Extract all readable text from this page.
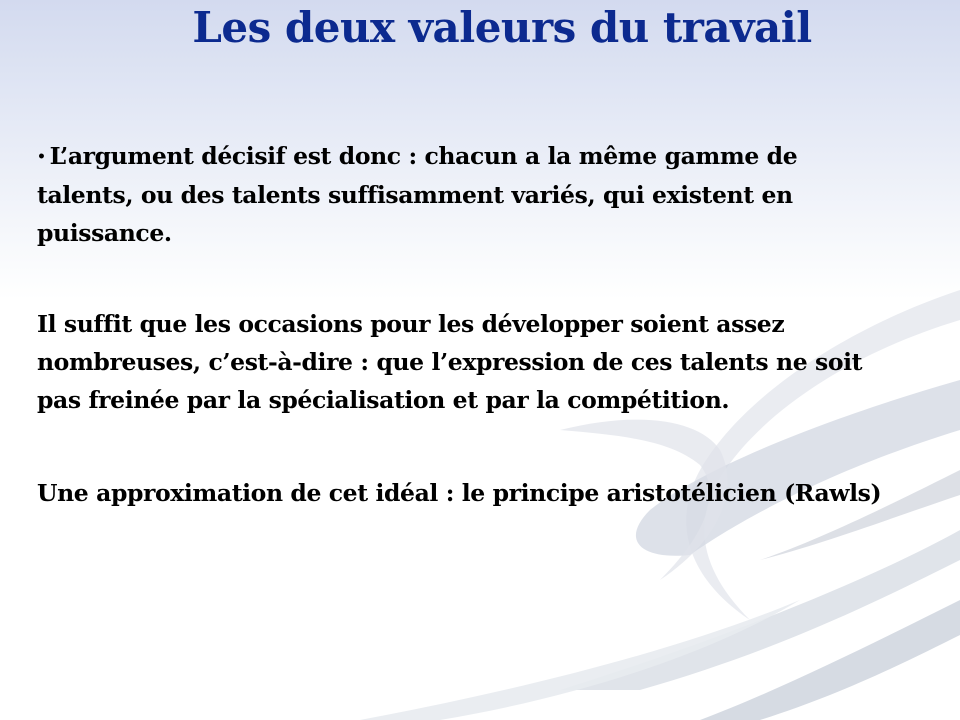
Les deux valeurs du travail

• L’argument décisif est donc : chacun a la même gamme de
talents, ou des talents suffisamment variés, qui existent en
puissance.

Il suffit que les occasions pour les développer soient assez
nombreuses, c’est-à-dire : que l’expression de ces talents ne soit
pas freinée par la spécialisation et par la compétition.

Une approximation de cet idéal : le principe aristotélicien (Rawls)
